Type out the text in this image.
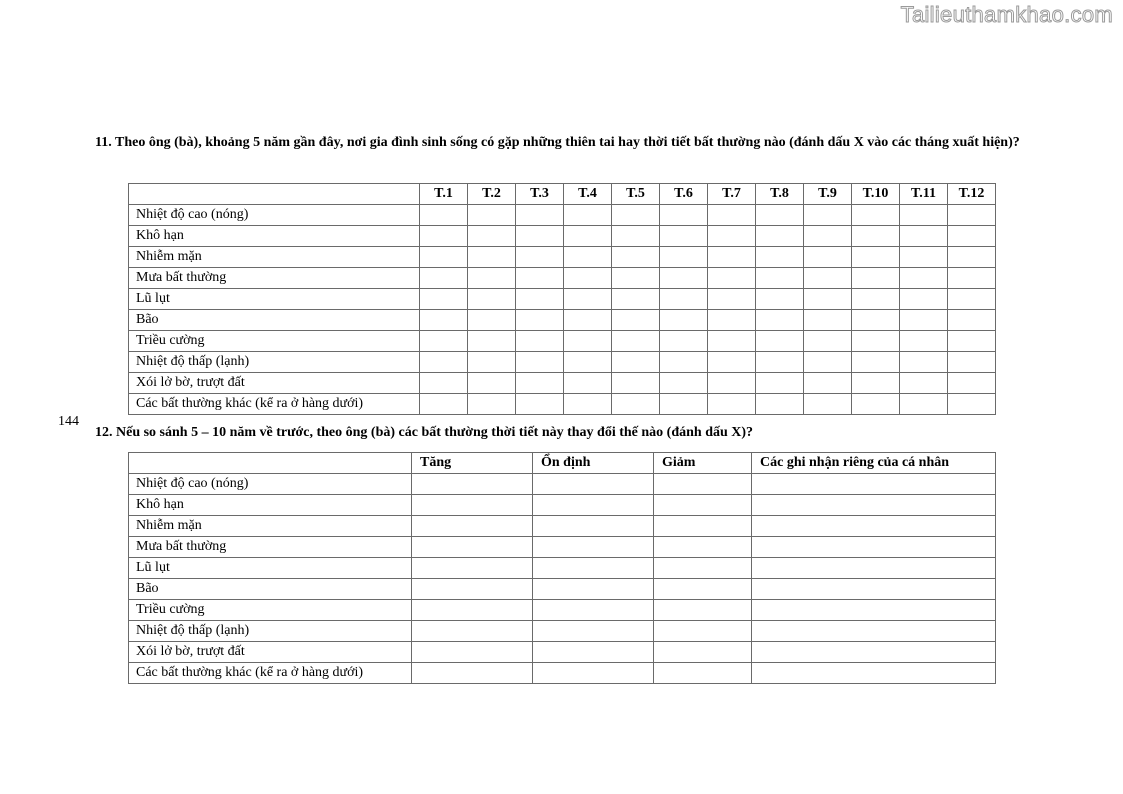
Tailieuthamkhao.com
11. Theo ông (bà), khoảng 5 năm gần đây, nơi gia đình sinh sống có gặp những thiên tai hay thời tiết bất thường nào (đánh dấu X vào các tháng xuất hiện)?
	T.1	T.2	T.3	T.4	T.5	T.6	T.7	T.8	T.9	T.10	T.11	T.12
Nhiệt độ cao (nóng)												
Khô hạn												
Nhiễm mặn												
Mưa bất thường												
Lũ lụt												
Bão												
Triều cường												
Nhiệt độ thấp (lạnh)												
Xói lở bờ, trượt đất												
Các bất thường khác (kể ra ở hàng dưới)												
144
12. Nếu so sánh 5 – 10 năm về trước, theo ông (bà) các bất thường thời tiết này thay đổi thế nào (đánh dấu X)?
	Tăng	Ổn định	Giảm	Các ghi nhận riêng của cá nhân
Nhiệt độ cao (nóng)				
Khô hạn				
Nhiễm mặn				
Mưa bất thường				
Lũ lụt				
Bão				
Triều cường				
Nhiệt độ thấp (lạnh)				
Xói lở bờ, trượt đất				
Các bất thường khác (kể ra ở hàng dưới)				
